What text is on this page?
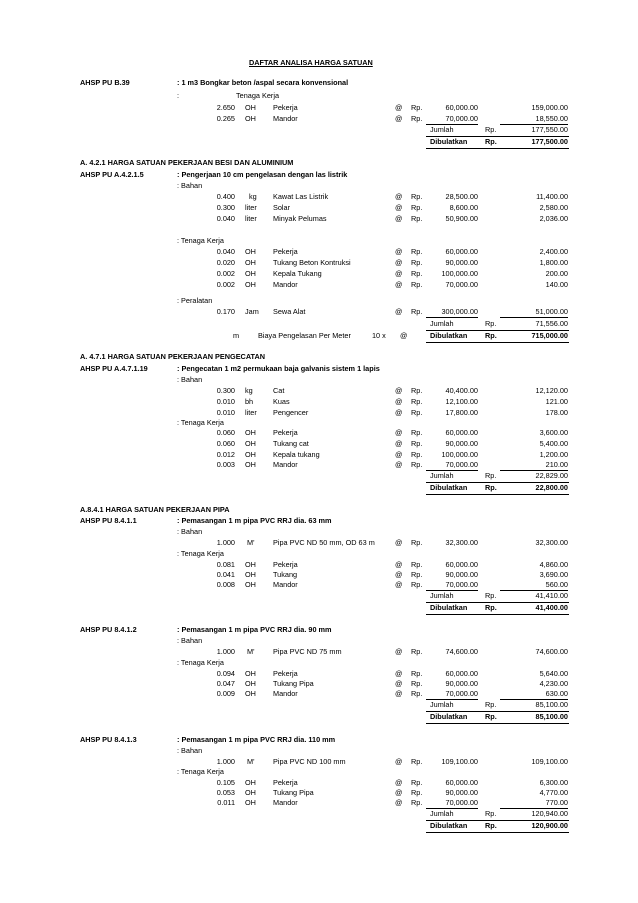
DAFTAR ANALISA HARGA SATUAN
AHSP PU B.39	: 1 m3 Bongkar beton /aspal secara konvensional
:	Tenaga Kerja
2.650 OH Pekerja	@ Rp.	60,000.00	159,000.00
0.265 OH Mandor	@ Rp.	70,000.00	18,550.00
Jumlah	Rp.	177,550.00
Dibulatkan Rp.	177,500.00
A. 4.2.1 HARGA SATUAN PEKERJAAN BESI DAN ALUMINIUM
AHSP PU A.4.2.1.5	: Pengerjaan 10 cm pengelasan dengan las listrik
: Bahan
0.400 kg Kawat Las Listrik	@ Rp.	28,500.00	11,400.00
0.300 liter Solar	@ Rp.	8,600.00	2,580.00
0.040 liter Minyak Pelumas	@ Rp.	50,900.00	2,036.00
: Tenaga Kerja
0.040 OH Pekerja	@ Rp.	60,000.00	2,400.00
0.020 OH Tukang Beton Kontruksi	@ Rp.	90,000.00	1,800.00
0.002 OH Kepala Tukang	@ Rp.	100,000.00	200.00
0.002 OH Mandor	@ Rp.	70,000.00	140.00
: Peralatan
0.170 Jam Sewa Alat	@ Rp.	300,000.00	51,000.00
Jumlah	Rp.	71,556.00
m	Biaya Pengelasan Per Meter	10 x @	Dibulatkan Rp.	715,000.00
A. 4.7.1 HARGA SATUAN PEKERJAAN PENGECATAN
AHSP PU A.4.7.1.19	: Pengecatan 1 m2 permukaan baja galvanis sistem 1 lapis
: Bahan
0.300 kg	Cat	@ Rp.	40,400.00	12,120.00
0.010 bh	Kuas	@ Rp.	12,100.00	121.00
0.010 liter Pengencer	@ Rp.	17,800.00	178.00
: Tenaga Kerja
0.060 OH Pekerja	@ Rp.	60,000.00	3,600.00
0.060 OH Tukang cat	@ Rp.	90,000.00	5,400.00
0.012 OH Kepala tukang	@ Rp.	100,000.00	1,200.00
0.003 OH Mandor	@ Rp.	70,000.00	210.00
Jumlah	Rp.	22,829.00
Dibulatkan Rp.	22,800.00
A.8.4.1 HARGA SATUAN PEKERJAAN PIPA
AHSP PU 8.4.1.1	: Pemasangan 1 m pipa PVC RRJ dia. 63 mm
: Bahan
1.000 M'	Pipa PVC ND 50 mm, OD 63 m	@ Rp.	32,300.00	32,300.00
: Tenaga Kerja
0.081 OH Pekerja	@ Rp.	60,000.00	4,860.00
0.041 OH Tukang	@ Rp.	90,000.00	3,690.00
0.008 OH Mandor	@ Rp.	70,000.00	560.00
Jumlah	Rp.	41,410.00
Dibulatkan Rp.	41,400.00
AHSP PU 8.4.1.2	: Pemasangan 1 m pipa PVC RRJ dia. 90 mm
: Bahan
1.000 M'	Pipa PVC ND 75 mm	@ Rp.	74,600.00	74,600.00
: Tenaga Kerja
0.094 OH Pekerja	@ Rp.	60,000.00	5,640.00
0.047 OH Tukang Pipa	@ Rp.	90,000.00	4,230.00
0.009 OH Mandor	@ Rp.	70,000.00	630.00
Jumlah	Rp.	85,100.00
Dibulatkan Rp.	85,100.00
AHSP PU 8.4.1.3	: Pemasangan 1 m pipa PVC RRJ dia. 110 mm
: Bahan
1.000 M'	Pipa PVC ND 100 mm	@ Rp.	109,100.00	109,100.00
: Tenaga Kerja
0.105 OH Pekerja	@ Rp.	60,000.00	6,300.00
0.053 OH Tukang Pipa	@ Rp.	90,000.00	4,770.00
0.011 OH Mandor	@ Rp.	70,000.00	770.00
Jumlah	Rp.	120,940.00
Dibulatkan Rp.	120,900.00
